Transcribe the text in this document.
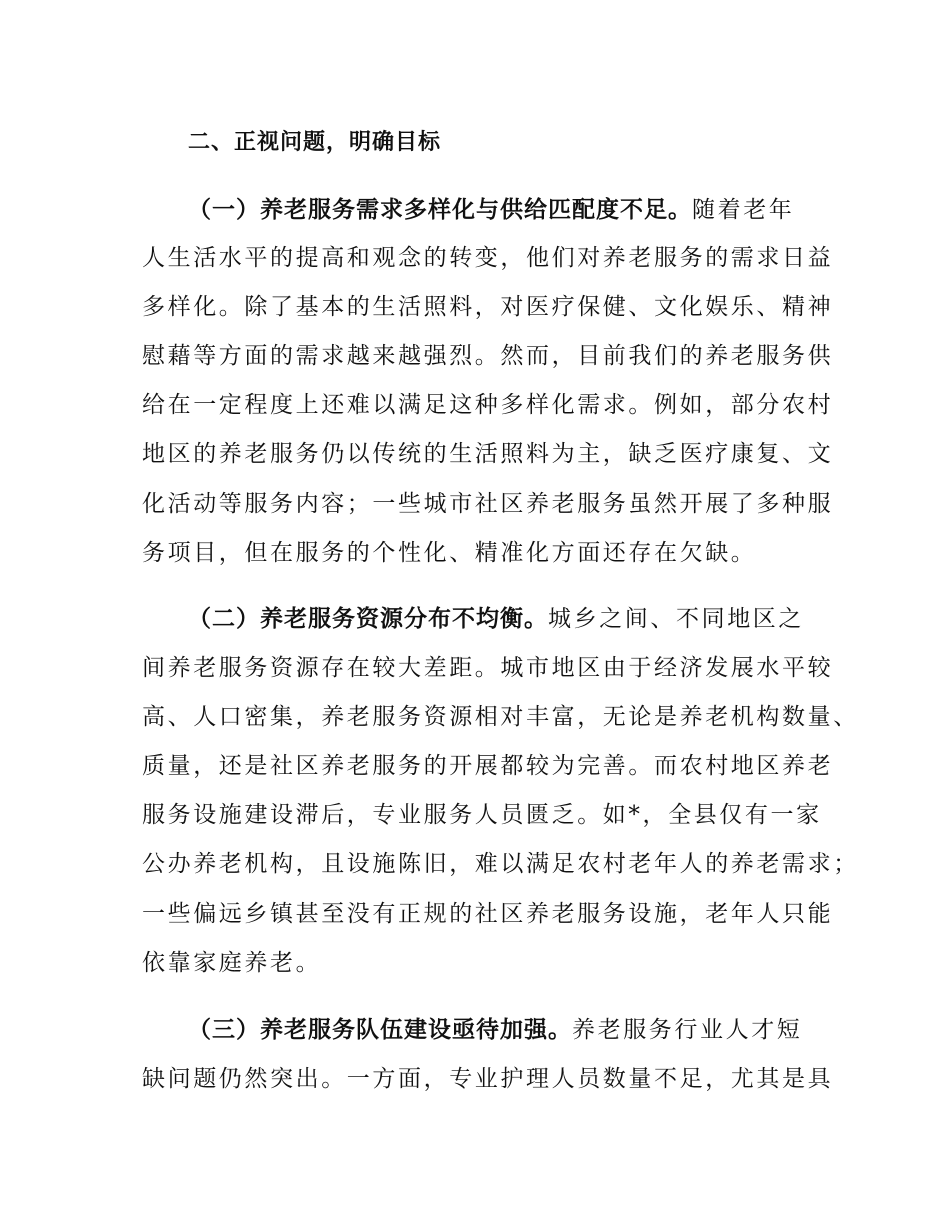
二、正视问题，明确目标
（一）养老服务需求多样化与供给匹配度不足。随着老年
人生活水平的提高和观念的转变，他们对养老服务的需求日益
多样化。除了基本的生活照料，对医疗保健、文化娱乐、精神
慰藉等方面的需求越来越强烈。然而，目前我们的养老服务供
给在一定程度上还难以满足这种多样化需求。例如，部分农村
地区的养老服务仍以传统的生活照料为主，缺乏医疗康复、文
化活动等服务内容；一些城市社区养老服务虽然开展了多种服
务项目，但在服务的个性化、精准化方面还存在欠缺。
（二）养老服务资源分布不均衡。城乡之间、不同地区之
间养老服务资源存在较大差距。城市地区由于经济发展水平较
高、人口密集，养老服务资源相对丰富，无论是养老机构数量、
质量，还是社区养老服务的开展都较为完善。而农村地区养老
服务设施建设滞后，专业服务人员匮乏。如*，全县仅有一家
公办养老机构，且设施陈旧，难以满足农村老年人的养老需求；
一些偏远乡镇甚至没有正规的社区养老服务设施，老年人只能
依靠家庭养老。
（三）养老服务队伍建设亟待加强。养老服务行业人才短
缺问题仍然突出。一方面，专业护理人员数量不足，尤其是具
